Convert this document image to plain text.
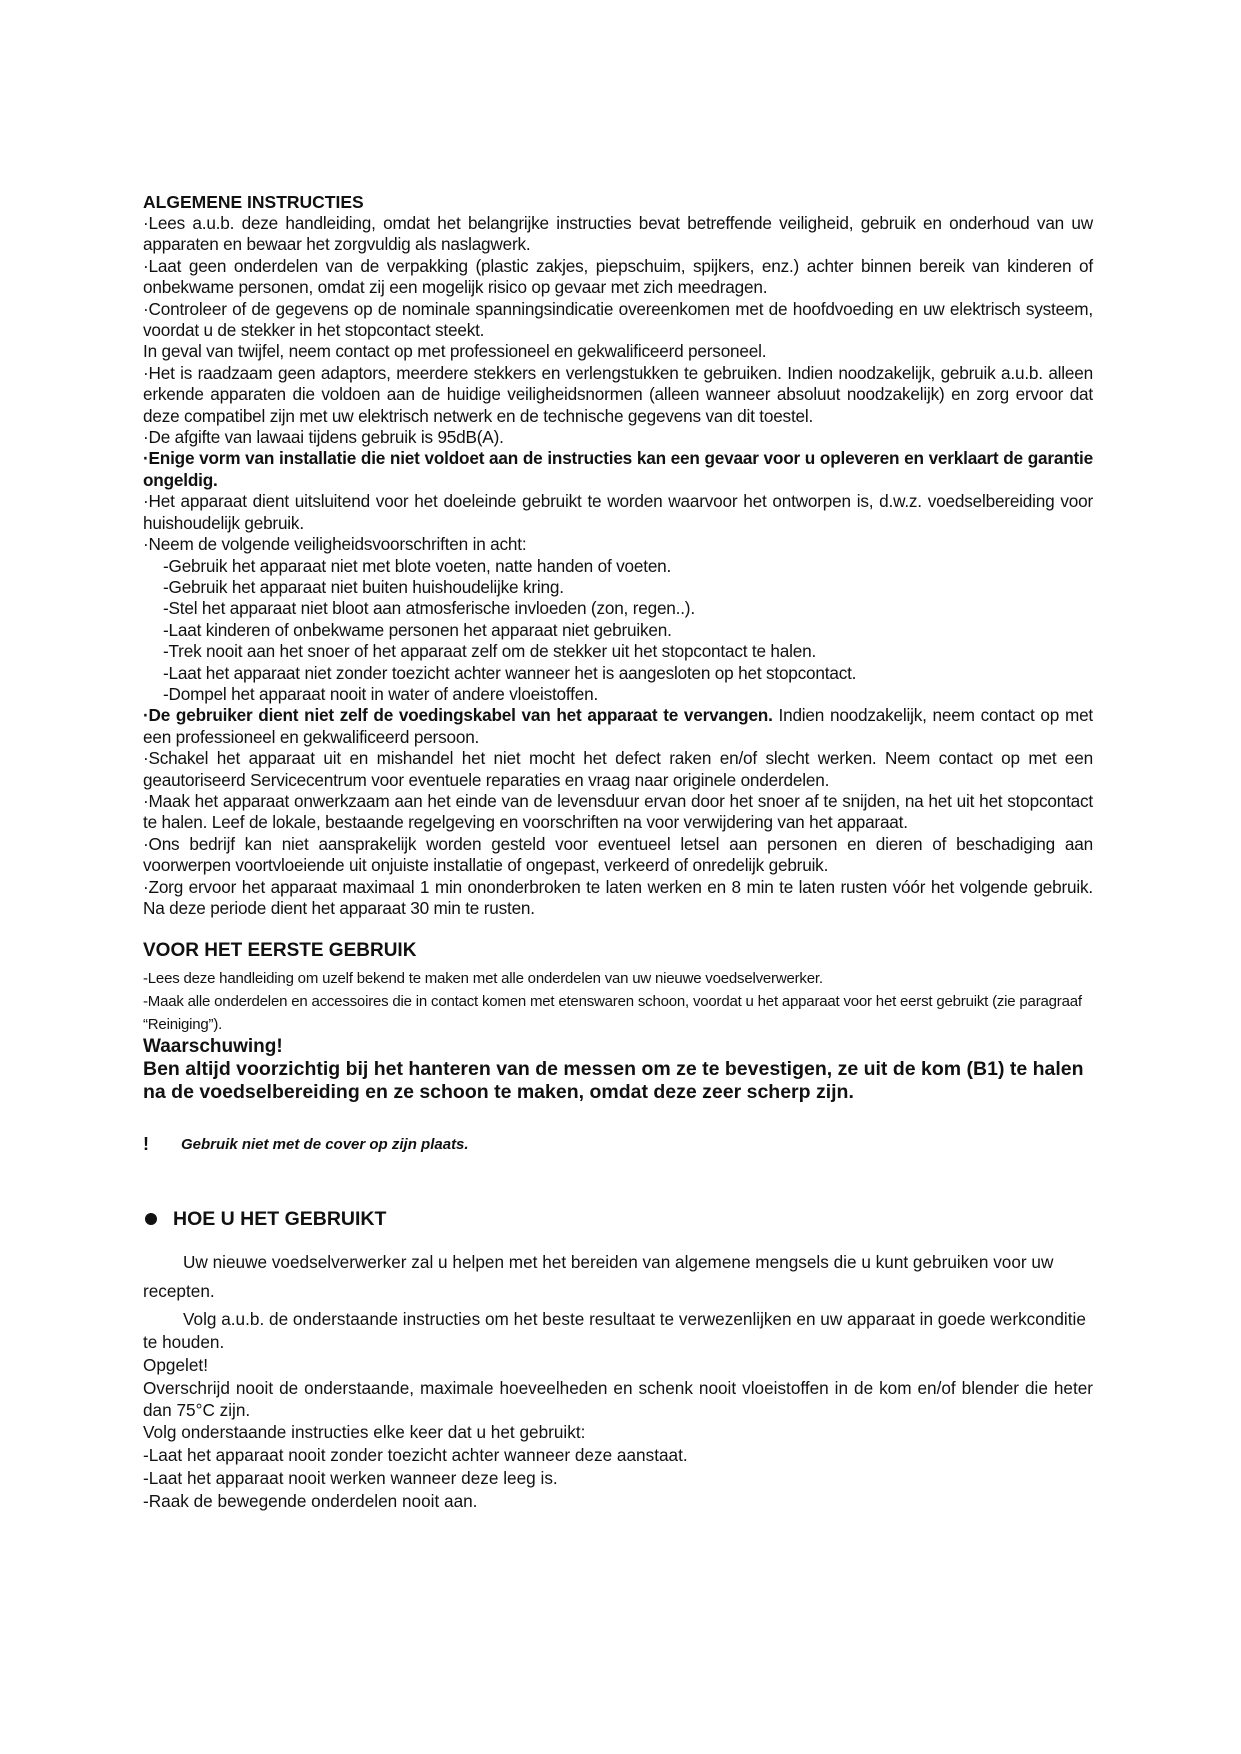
ALGEMENE INSTRUCTIES

·Lees a.u.b. deze handleiding, omdat het belangrijke instructies bevat betreffende veiligheid, gebruik en onderhoud van uw apparaten en bewaar het zorgvuldig als naslagwerk.

·Laat geen onderdelen van de verpakking (plastic zakjes, piepschuim, spijkers, enz.) achter binnen bereik van kinderen of onbekwame personen, omdat zij een mogelijk risico op gevaar met zich meedragen.

·Controleer of de gegevens op de nominale spanningsindicatie overeenkomen met de hoofdvoeding en uw elektrisch systeem, voordat u de stekker in het stopcontact steekt.

In geval van twijfel, neem contact op met professioneel en gekwalificeerd personeel.

·Het is raadzaam geen adaptors, meerdere stekkers en verlengstukken te gebruiken. Indien noodzakelijk, gebruik a.u.b. alleen erkende apparaten die voldoen aan de huidige veiligheidsnormen (alleen wanneer absoluut noodzakelijk) en zorg ervoor dat deze compatibel zijn met uw elektrisch netwerk en de technische gegevens van dit toestel.

·De afgifte van lawaai tijdens gebruik is 95dB(A).

·Enige vorm van installatie die niet voldoet aan de instructies kan een gevaar voor u opleveren en verklaart de garantie ongeldig.

·Het apparaat dient uitsluitend voor het doeleinde gebruikt te worden waarvoor het ontworpen is, d.w.z. voedselbereiding voor huishoudelijk gebruik.

·Neem de volgende veiligheidsvoorschriften in acht:

-Gebruik het apparaat niet met blote voeten, natte handen of voeten.

-Gebruik het apparaat niet buiten huishoudelijke kring.

-Stel het apparaat niet bloot aan atmosferische invloeden (zon, regen..).

-Laat kinderen of onbekwame personen het apparaat niet gebruiken.

-Trek nooit aan het snoer of het apparaat zelf om de stekker uit het stopcontact te halen.

-Laat het apparaat niet zonder toezicht achter wanneer het is aangesloten op het stopcontact.

-Dompel het apparaat nooit in water of andere vloeistoffen.

·De gebruiker dient niet zelf de voedingskabel van het apparaat te vervangen. Indien noodzakelijk, neem contact op met een professioneel en gekwalificeerd persoon.

·Schakel het apparaat uit en mishandel het niet mocht het defect raken en/of slecht werken. Neem contact op met een geautoriseerd Servicecentrum voor eventuele reparaties en vraag naar originele onderdelen.

·Maak het apparaat onwerkzaam aan het einde van de levensduur ervan door het snoer af te snijden, na het uit het stopcontact te halen. Leef de lokale, bestaande regelgeving en voorschriften na voor verwijdering van het apparaat.

·Ons bedrijf kan niet aansprakelijk worden gesteld voor eventueel letsel aan personen en dieren of beschadiging aan voorwerpen voortvloeiende uit onjuiste installatie of ongepast, verkeerd of onredelijk gebruik.

·Zorg ervoor het apparaat maximaal 1 min ononderbroken te laten werken en 8 min te laten rusten vóór het volgende gebruik. Na deze periode dient het apparaat 30 min te rusten.

VOOR HET EERSTE GEBRUIK

-Lees deze handleiding om uzelf bekend te maken met alle onderdelen van uw nieuwe voedselverwerker.

-Maak alle onderdelen en accessoires die in contact komen met etenswaren schoon, voordat u het apparaat voor het eerst gebruikt (zie paragraaf “Reiniging”).

Waarschuwing!

Ben altijd voorzichtig bij het hanteren van de messen om ze te bevestigen, ze uit de kom (B1) te halen na de voedselbereiding en ze schoon te maken, omdat deze zeer scherp zijn.

!	Gebruik niet met de cover op zijn plaats.
HOE U HET GEBRUIKT

Uw nieuwe voedselverwerker zal u helpen met het bereiden van algemene mengsels die u kunt gebruiken voor uw recepten.

Volg a.u.b. de onderstaande instructies om het beste resultaat te verwezenlijken en uw apparaat in goede werkconditie te houden.

Opgelet!

Overschrijd nooit de onderstaande, maximale hoeveelheden en schenk nooit vloeistoffen in de kom en/of blender die heter dan 75°C zijn.

Volg onderstaande instructies elke keer dat u het gebruikt:

-Laat het apparaat nooit zonder toezicht achter wanneer deze aanstaat.

-Laat het apparaat nooit werken wanneer deze leeg is.

-Raak de bewegende onderdelen nooit aan.
